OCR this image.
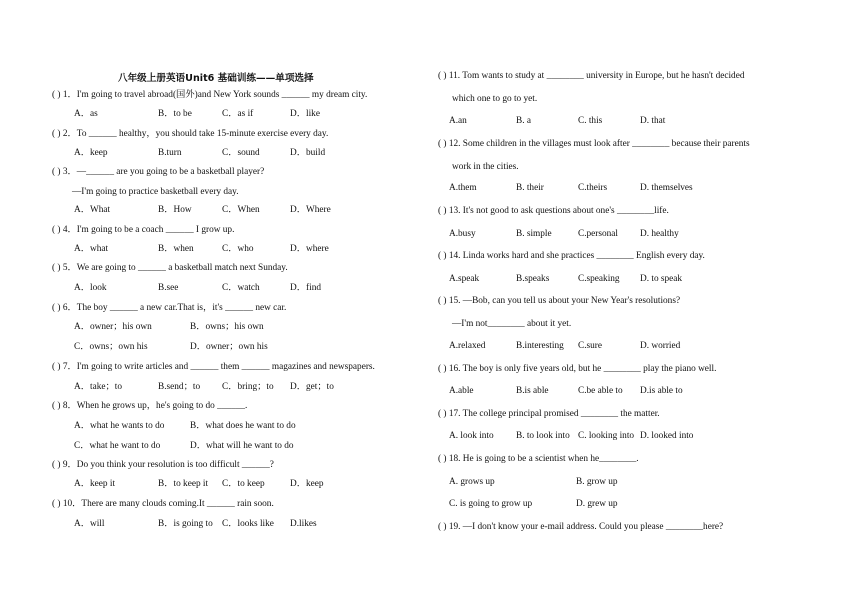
八年级上册英语Unit6 基础训练——单项选择
( ) 1．I'm going to travel abroad(国外)and New York sounds ______ my dream city.
A．as	B．to be	C．as if	D．like
( ) 2．To ______ healthy，you should take 15-minute exercise every day.
A．keep	B.turn	C．sound	D．build
( ) 3．—______ are you going to be a basketball player?
—I'm going to practice basketball every day.
A．What	B．How	C．When	D．Where
( ) 4．I'm going to be a coach ______ I grow up.
A．what	B．when	C．who	D．where
( ) 5．We are going to ______ a basketball match next Sunday.
A．look	B.see	C．watch	D．find
( ) 6．The boy ______ a new car.That is，it's ______ new car.
A．owner；his own	B．owns；his own
C．owns；own his	D．owner；own his
( ) 7．I'm going to write articles and ______ them ______ magazines and newspapers.
A．take；to	B.send；to C．bring；to D．get；to
( ) 8．When he grows up，he's going to do ______.
A．what he wants to do	B．what does he want to do
C．what he want to do	D．what will he want to do
( ) 9．Do you think your resolution is too difficult ______?
A．keep it	B．to keep it C．to keep	D．keep
( ) 10．There are many clouds coming.It ______ rain soon.
A．will	B．is going to C．looks like D.likes
( ) 11. Tom wants to study at ________ university in Europe, but he hasn't decided
which one to go to yet.
A.an	B. a	C. this	D. that
( ) 12. Some children in the villages must look after ________ because their parents
work in the cities.
A.them	B. their	C.theirs	D. themselves
( ) 13. It's not good to ask questions about one's ________life.
A.busy	B. simple	C.personal D. healthy
( ) 14. Linda works hard and she practices ________ English every day.
A.speak	B.speaks	C.speaking D. to speak
( ) 15. —Bob, can you tell us about your New Year's resolutions?
—I'm not________ about it yet.
A.relaxed	B.interesting C.sure	D. worried
( ) 16. The boy is only five years old, but he ________ play the piano well.
A.able	B.is able	C.be able to D.is able to
( ) 17. The college principal promised ________ the matter.
A. look into B. to look into C. looking into D. looked into
( ) 18. He is going to be a scientist when he________.
A. grows up	B. grow up
C. is going to grow up	D. grew up
( ) 19. —I don't know your e-mail address. Could you please ________here?
